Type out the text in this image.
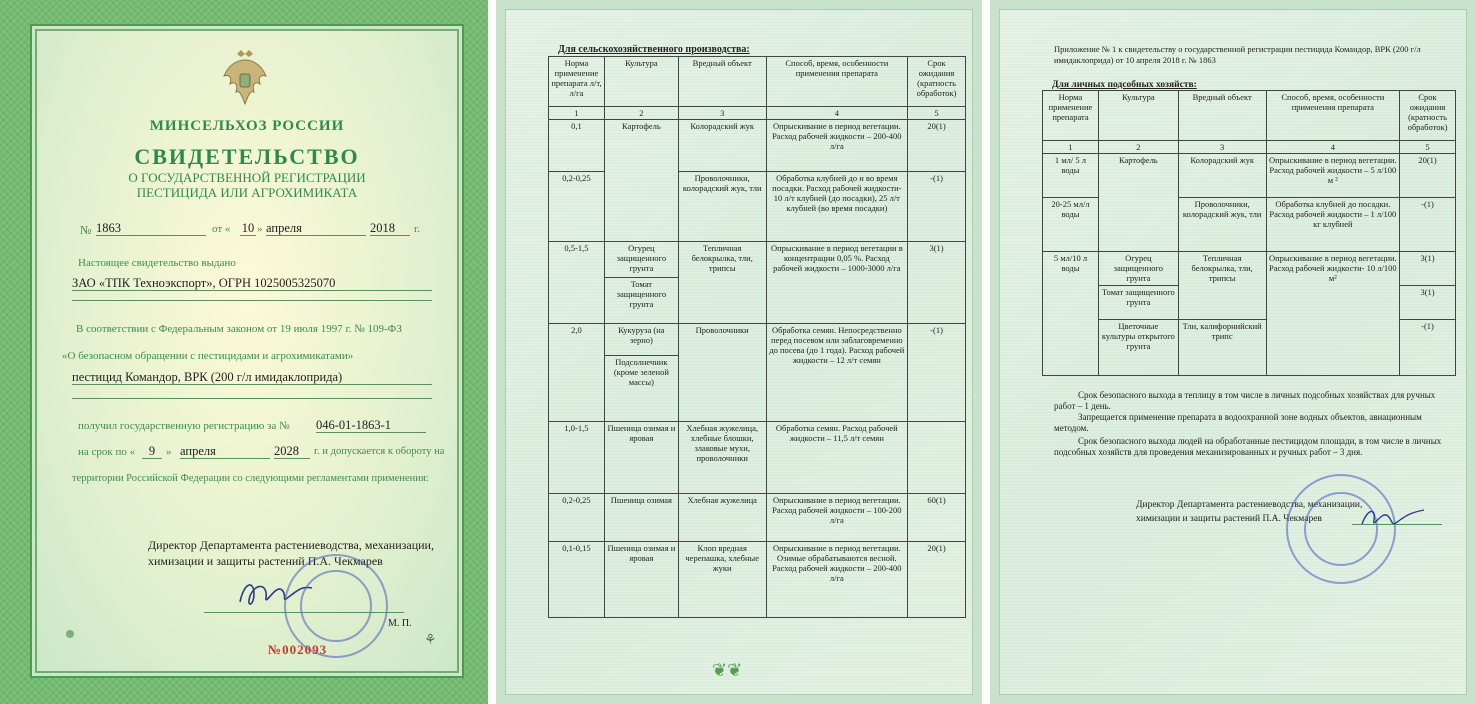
МИНСЕЛЬХОЗ РОССИИ
СВИДЕТЕЛЬСТВО
О ГОСУДАРСТВЕННОЙ РЕГИСТРАЦИИ
ПЕСТИЦИДА ИЛИ АГРОХИМИКАТА
№ 1863	от « 10 » апреля	2018	г.
Настоящее свидетельство выдано
ЗАО «ТПК Техноэкспорт», ОГРН 1025005325070
В соответствии с Федеральным законом от 19 июля 1997 г. № 109-ФЗ
«О безопасном обращении с пестицидами и агрохимикатами»
пестицид Командор, ВРК (200 г/л имидаклоприда)
получил государственную регистрацию за № 046-01-1863-1
на срок по «	9 » апреля	2028	г. и допускается к обороту на
территории Российской Федерации со следующими регламентами применения:
Директор Департамента растениеводства, механизации,
химизации и защиты растений П.А. Чекмарев
М. П.
№002093
⚘
Для сельскохозяйственного производства:
Норма применение препарата л/т, л/га	Культура	Вредный объект	Способ, время, особенности применения препарата	Срок ожидания (кратность обработок)
1	2	3	4	5
0,1	Картофель	Колорадский жук	Опрыскивание в период вегетации. Расход рабочей жидкости – 200-400 л/га	20(1)
0,2-0,25		Проволочники, колорадский жук, тли	Обработка клубней до и во время посадки. Расход рабочей жидкости- 10 л/т клубней (до посадки), 25 л/т клубней (во время посадки)	-(1)
0,5-1,5	Огурец защищенного грунта	Тепличная белокрылка, тли, трипсы	Опрыскивание в период вегетации в концентрации 0,05 %. Расход рабочей жидкости – 1000-3000 л/га	3(1)
	Томат защищенного грунта			
2,0	Кукуруза (на зерно)	Проволочники	Обработка семян. Непосредственно перед посевом или заблаговременно до посева (до 1 года). Расход рабочей жидкости – 12 л/т семян	-(1)
	Подсолнечник (кроме зеленой массы)			
1,0-1,5	Пшеница озимая и яровая	Хлебная жужелица, хлебные блошки, злаковые мухи, проволочники	Обработка семян. Расход рабочей жидкости – 11,5 л/т семян	
0,2-0,25	Пшеница озимая	Хлебная жужелица	Опрыскивание в период вегетации. Расход рабочей жидкости – 100-200 л/га	60(1)
0,1-0,15	Пшеница озимая и яровая	Клоп вредная черепашка, хлебные жуки	Опрыскивание в период вегетации. Озимые обрабатываются весной. Расход рабочей жидкости – 200-400 л/га	20(1)
❦❦
Приложение № 1 к свидетельству о государственной регистрации пестицида Командор, ВРК (200 г/л имидаклоприда) от 10 апреля 2018 г. № 1863
Для личных подсобных хозяйств:
Норма применение препарата	Культура	Вредный объект	Способ, время, особенности применения препарата	Срок ожидания (кратность обработок)
1	2	3	4	5
1 мл/ 5 л воды	Картофель	Колорадский жук	Опрыскивание в период вегетации. Расход рабочей жидкости – 5 л/100 м ²	20(1)
20-25 мл/л воды		Проволочники, колорадский жук, тли	Обработка клубней до посадки. Расход рабочей жидкости – 1 л/100 кг клубней	-(1)
5 мл/10 л воды	Огурец защищенного грунта	Тепличная белокрылка, тли, трипсы	Опрыскивание в период вегетации. Расход рабочей жидкости- 10 л/100 м²	3(1)
	Томат защищенного грунта			3(1)
	Цветочные культуры открытого грунта	Тли, калифорнийский трипс		-(1)
Срок безопасного выхода в теплицу в том числе в личных подсобных хозяйствах для ручных работ – 1 день.
Запрещается применение препарата в водоохранной зоне водных объектов, авиационным методом.
Срок безопасного выхода людей на обработанные пестицидом площади, в том числе в личных подсобных хозяйств для проведения механизированных и ручных работ – 3 дня.
Директор Департамента растениеводства, механизации,
химизации и защиты растений П.А. Чекмарев
